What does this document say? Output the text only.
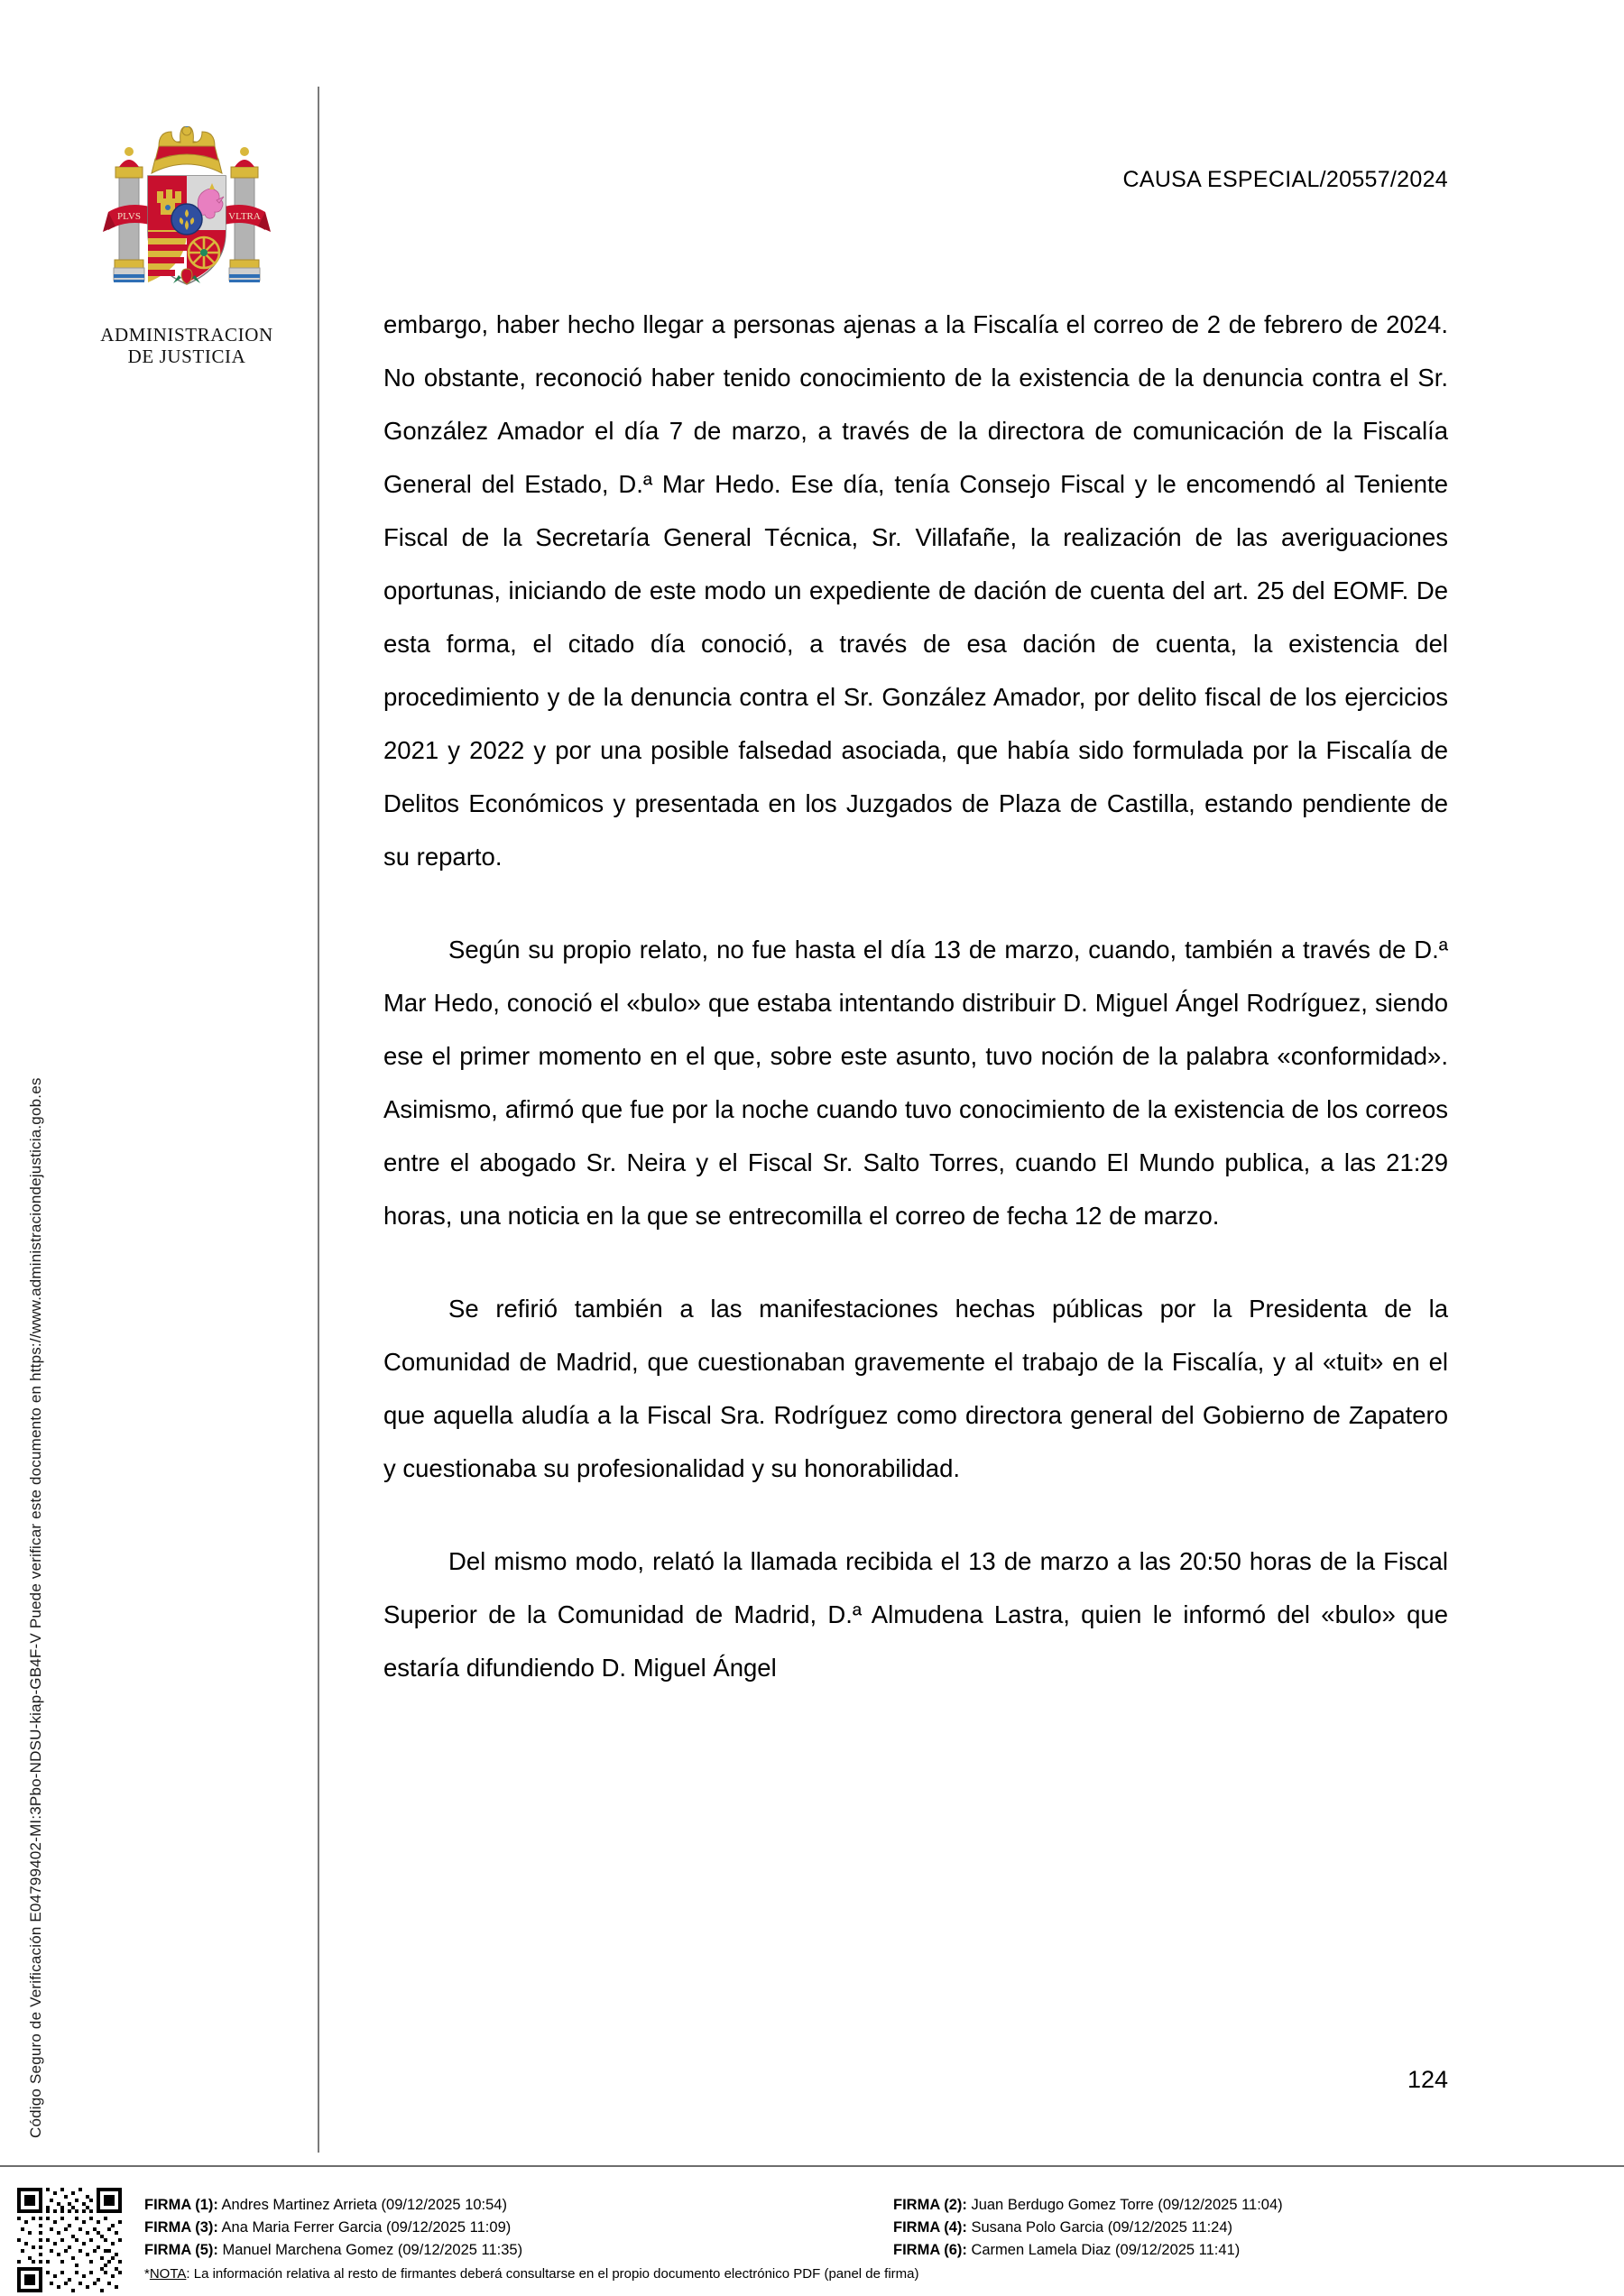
Código Seguro de Verificación E04799402-MI:3Pbo-NDSU-kiap-GB4F-V Puede verificar este documento en https://www.administraciondejusticia.gob.es
PLVS	VLTRA
ADMINISTRACION
DE JUSTICIA
CAUSA ESPECIAL/20557/2024

embargo, haber hecho llegar a personas ajenas a la Fiscalía el correo de 2 de febrero de 2024. No obstante, reconoció haber tenido conocimiento de la existencia de la denuncia contra el Sr. González Amador el día 7 de marzo, a través de la directora de comunicación de la Fiscalía General del Estado, D.ª Mar Hedo. Ese día, tenía Consejo Fiscal y le encomendó al Teniente Fiscal de la Secretaría General Técnica, Sr. Villafañe, la realización de las averiguaciones oportunas, iniciando de este modo un expediente de dación de cuenta del art. 25 del EOMF. De esta forma, el citado día conoció, a través de esa dación de cuenta, la existencia del procedimiento y de la denuncia contra el Sr. González Amador, por delito fiscal de los ejercicios 2021 y 2022 y por una posible falsedad asociada, que había sido formulada por la Fiscalía de Delitos Económicos y presentada en los Juzgados de Plaza de Castilla, estando pendiente de su reparto.

Según su propio relato, no fue hasta el día 13 de marzo, cuando, también a través de D.ª Mar Hedo, conoció el «bulo» que estaba intentando distribuir D. Miguel Ángel Rodríguez, siendo ese el primer momento en el que, sobre este asunto, tuvo noción de la palabra «conformidad». Asimismo, afirmó que fue por la noche cuando tuvo conocimiento de la existencia de los correos entre el abogado Sr. Neira y el Fiscal Sr. Salto Torres, cuando El Mundo publica, a las 21:29 horas, una noticia en la que se entrecomilla el correo de fecha 12 de marzo.

Se refirió también a las manifestaciones hechas públicas por la Presidenta de la Comunidad de Madrid, que cuestionaban gravemente el trabajo de la Fiscalía, y al «tuit» en el que aquella aludía a la Fiscal Sra. Rodríguez como directora general del Gobierno de Zapatero y cuestionaba su profesionalidad y su honorabilidad.

Del mismo modo, relató la llamada recibida el 13 de marzo a las 20:50 horas de la Fiscal Superior de la Comunidad de Madrid, D.ª Almudena Lastra, quien le informó del «bulo» que estaría difundiendo D. Miguel Ángel

124
FIRMA (1): Andres Martinez Arrieta (09/12/2025 10:54)	FIRMA (2): Juan Berdugo Gomez Torre (09/12/2025 11:04)
FIRMA (3): Ana Maria Ferrer Garcia (09/12/2025 11:09)	FIRMA (4): Susana Polo Garcia (09/12/2025 11:24)
FIRMA (5): Manuel Marchena Gomez (09/12/2025 11:35)	FIRMA (6): Carmen Lamela Diaz (09/12/2025 11:41)
*NOTA: La información relativa al resto de firmantes deberá consultarse en el propio documento electrónico PDF (panel de firma)
